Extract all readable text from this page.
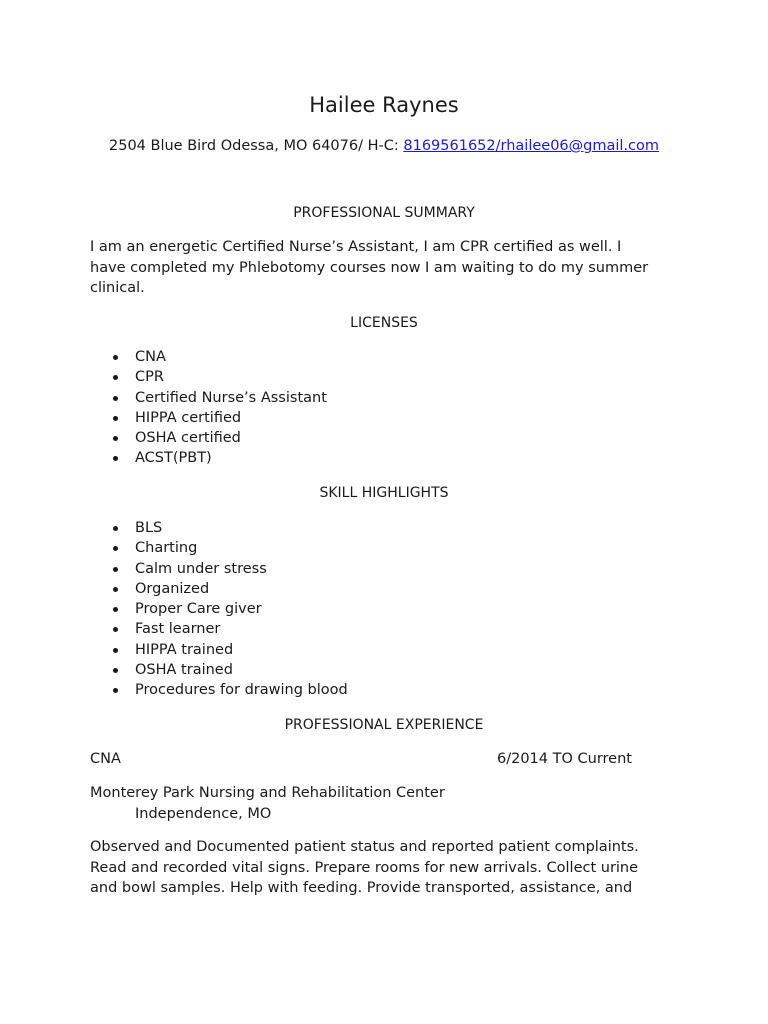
Hailee Raynes
2504 Blue Bird Odessa, MO 64076/ H-C: 8169561652/rhailee06@gmail.com
PROFESSIONAL SUMMARY
I am an energetic Certified Nurse’s Assistant, I am CPR certified as well. I
have completed my Phlebotomy courses now I am waiting to do my summer
clinical.
LICENSES
CNA
CPR
Certified Nurse’s Assistant
HIPPA certified
OSHA certified
ACST(PBT)
SKILL HIGHLIGHTS
BLS
Charting
Calm under stress
Organized
Proper Care giver
Fast learner
HIPPA trained
OSHA trained
Procedures for drawing blood
PROFESSIONAL EXPERIENCE
CNA	6/2014 TO Current
Monterey Park Nursing and Rehabilitation Center
Independence, MO
Observed and Documented patient status and reported patient complaints.
Read and recorded vital signs. Prepare rooms for new arrivals. Collect urine
and bowl samples. Help with feeding. Provide transported, assistance, and
